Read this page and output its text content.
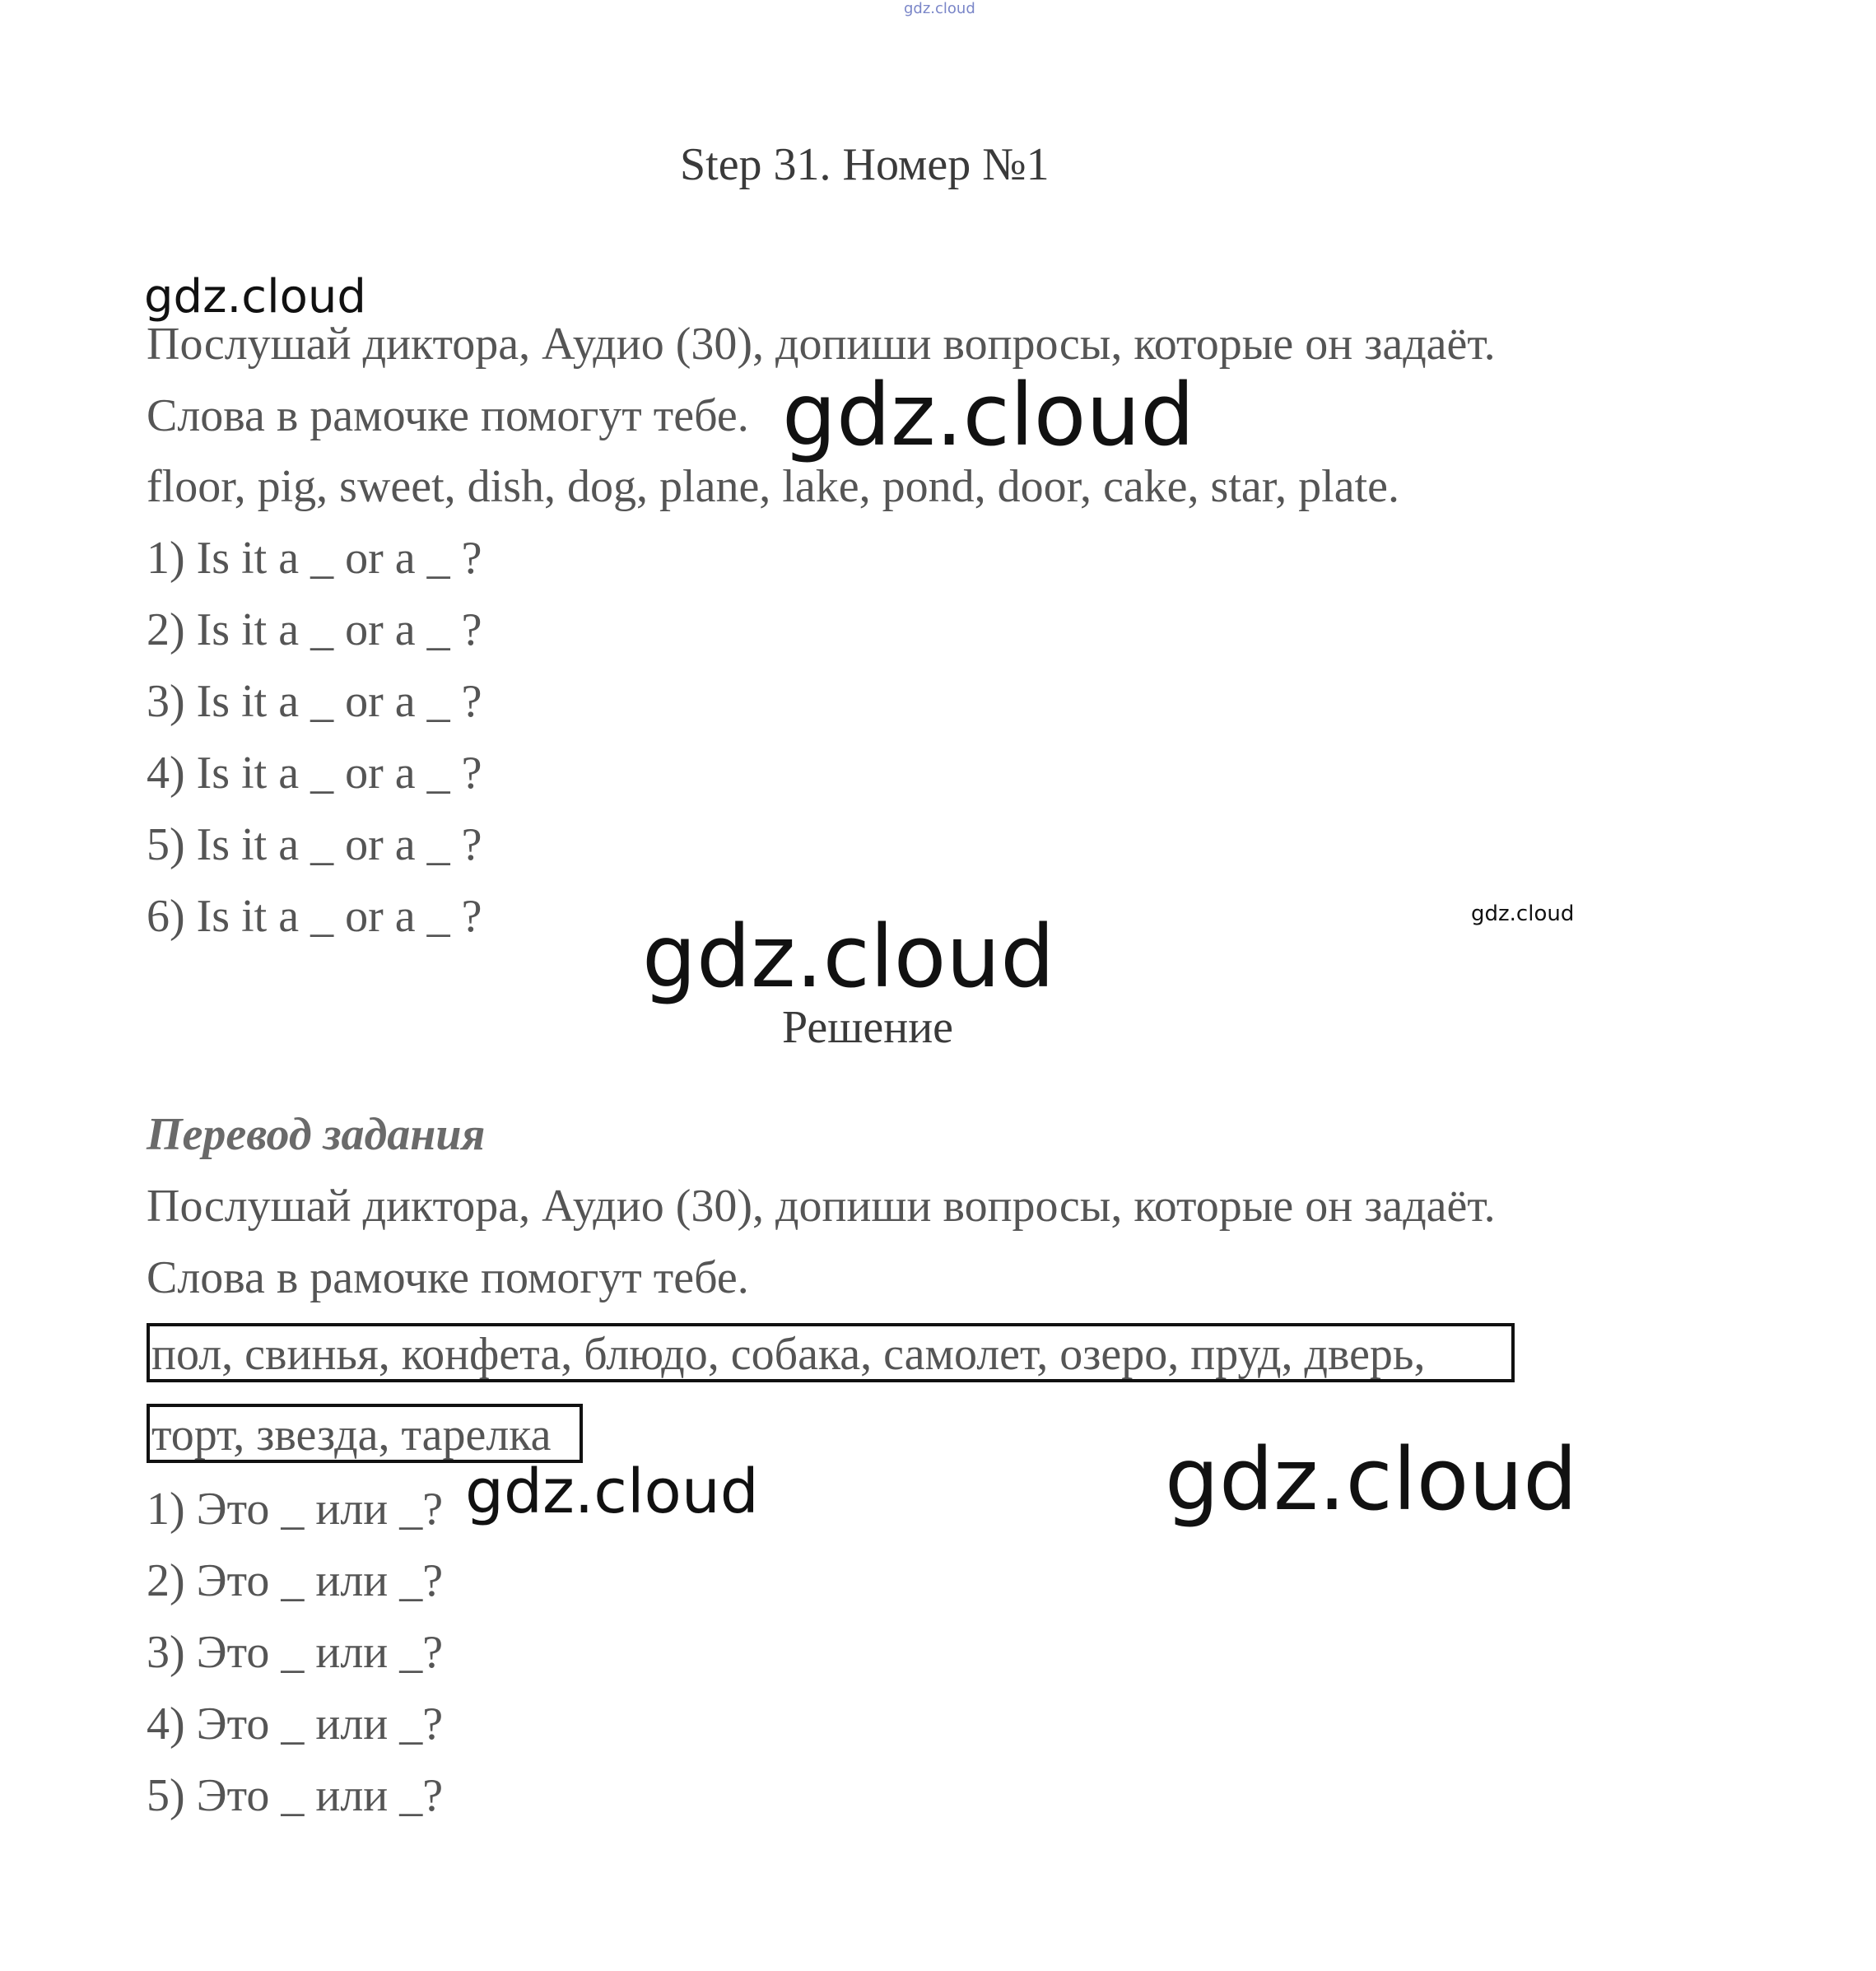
gdz.cloud
Step 31. Номер №1
gdz.cloud
Послушай диктора, Аудио (30), допиши вопросы, которые он задаёт.
Слова в рамочке помогут тебе. gdz.cloud
floor, pig, sweet, dish, dog, plane, lake, pond, door, cake, star, plate.
1) Is it a _ or a _ ?
2) Is it a _ or a _ ?
3) Is it a _ or a _ ?
4) Is it a _ or a _ ?
5) Is it a _ or a _ ?
6) Is it a _ or a _ ?	gdz.cloud
gdz.cloud
Решение
Перевод задания
Послушай диктора, Аудио (30), допиши вопросы, которые он задаёт.
Слова в рамочке помогут тебе.
пол, свинья, конфета, блюдо, собака, самолет, озеро, пруд, дверь,
торт, звезда, тарелка
1) Это _ или _? gdz.cloud	gdz.cloud
2) Это _ или _?
3) Это _ или _?
4) Это _ или _?
5) Это _ или _?
